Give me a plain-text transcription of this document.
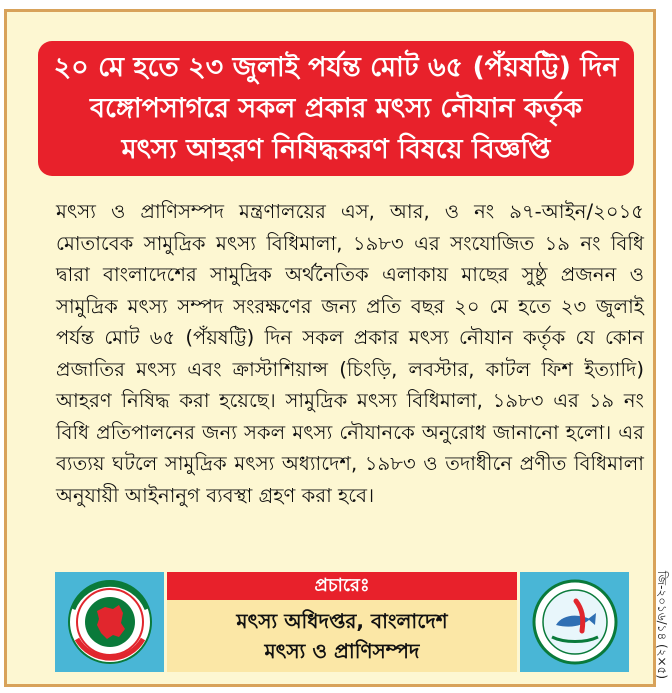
২০ মে হতে ২৩ জুলাই পর্যন্ত মোট ৬৫ (পঁয়ষট্টি) দিন
বঙ্গোপসাগরে সকল প্রকার মৎস্য নৌযান কর্তৃক
মৎস্য আহরণ নিষিদ্ধকরণ বিষয়ে বিজ্ঞপ্তি
মৎস্য ও প্রাণিসম্পদ মন্ত্রণালয়ের এস, আর, ও নং ৯৭-আইন/২০১৫ মোতাবেক সামুদ্রিক মৎস্য বিধিমালা, ১৯৮৩ এর সংযোজিত ১৯ নং বিধি দ্বারা বাংলাদেশের সামুদ্রিক অর্থনৈতিক এলাকায় মাছের সুষ্ঠু প্রজনন ও সামুদ্রিক মৎস্য সম্পদ সংরক্ষণের জন্য প্রতি বছর ২০ মে হতে ২৩ জুলাই পর্যন্ত মোট ৬৫ (পঁয়ষট্টি) দিন সকল প্রকার মৎস্য নৌযান কর্তৃক যে কোন প্রজাতির মৎস্য এবং ক্রাস্টাশিয়ান্স (চিংড়ি, লবস্টার, কাটল ফিশ ইত্যাদি) আহরণ নিষিদ্ধ করা হয়েছে। সামুদ্রিক মৎস্য বিধিমালা, ১৯৮৩ এর ১৯ নং বিধি প্রতিপালনের জন্য সকল মৎস্য নৌযানকে অনুরোধ জানানো হলো। এর ব্যত্যয় ঘটলে সামুদ্রিক মৎস্য অধ্যাদেশ, ১৯৮৩ ও তদাধীনে প্রণীত বিধিমালা অনুযায়ী আইনানুগ ব্যবস্থা গ্রহণ করা হবে।
প্রচারেঃ
মৎস্য অধিদপ্তর, বাংলাদেশ
মৎস্য ও প্রাণিসম্পদ	জি-২০১৬/১৪ (২×৫)
